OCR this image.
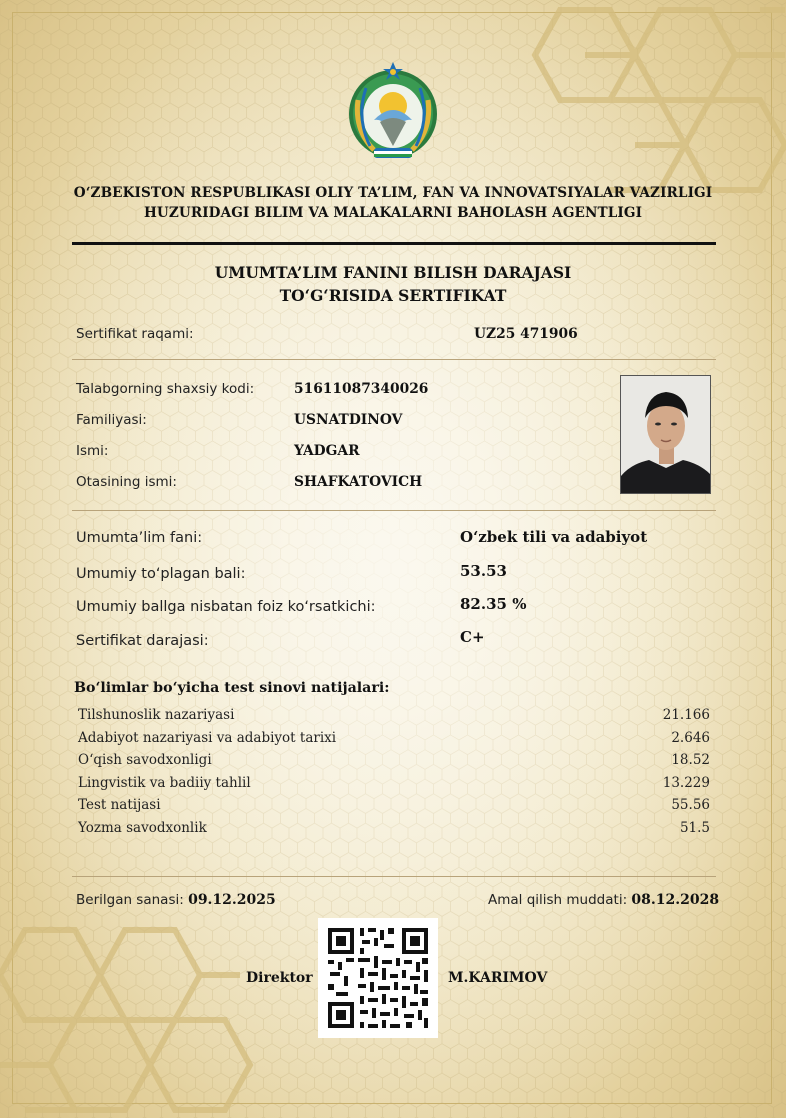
O‘ZBEKISTON RESPUBLIKASI OLIY TA’LIM, FAN VA INNOVATSIYALAR VAZIRLIGI
HUZURIDAGI BILIM VA MALAKALARNI BAHOLASH AGENTLIGI
UMUMTA’LIM FANINI BILISH DARAJASI
TO‘G‘RISIDA SERTIFIKAT
Sertifikat raqami:	UZ25 471906
Talabgorning shaxsiy kodi:	51611087340026
Familiyasi:	USNATDINOV
Ismi:	YADGAR
Otasining ismi:	SHAFKATOVICH
Umumta’lim fani:	O‘zbek tili va adabiyot
Umumiy to‘plagan bali:	53.53
Umumiy ballga nisbatan foiz ko‘rsatkichi:	82.35 %
Sertifikat darajasi:	C+
Bo‘limlar bo‘yicha test sinovi natijalari:
Tilshunoslik nazariyasi	21.166
Adabiyot nazariyasi va adabiyot tarixi	2.646
O‘qish savodxonligi	18.52
Lingvistik va badiiy tahlil	13.229
Test natijasi	55.56
Yozma savodxonlik	51.5
Berilgan sanasi: 09.12.2025	Amal qilish muddati: 08.12.2028
Direktor	M.KARIMOV
